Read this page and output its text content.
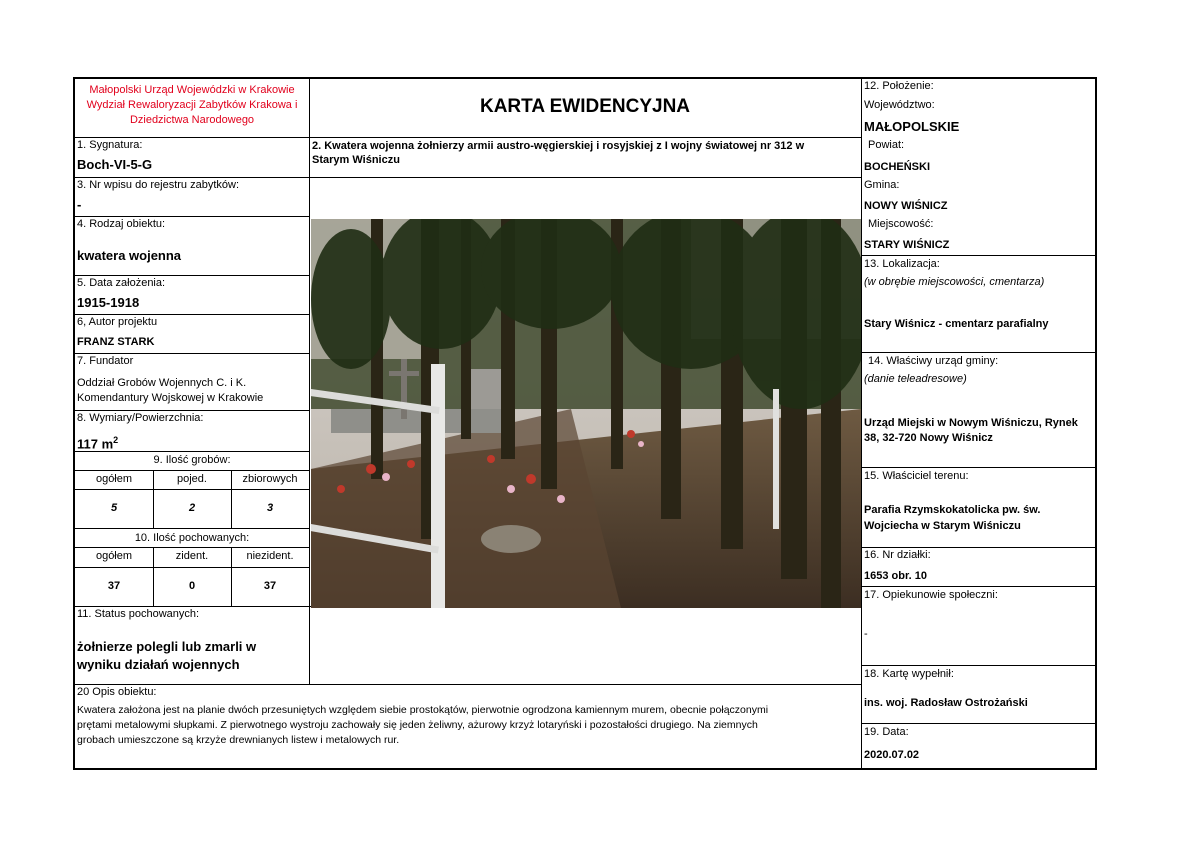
Małopolski Urząd Wojewódzki w Krakowie
Wydział Rewaloryzacji Zabytków Krakowa i
Dziedzictwa Narodowego
KARTA EWIDENCYJNA
1. Sygnatura:
Boch-VI-5-G
3. Nr wpisu do rejestru zabytków:
-
4. Rodzaj obiektu:
kwatera wojenna
5. Data założenia:
1915-1918
6, Autor projektu
FRANZ STARK
7. Fundator
Oddział Grobów Wojennych C. i K.
Komendantury Wojskowej w Krakowie
8. Wymiary/Powierzchnia:
117 $m^2$
9. Ilość grobów:
ogółem	pojed.	zbiorowych
5	2	3
10. Ilość pochowanych:
ogółem	zident.	niezident.
37	0	37
11. Status pochowanych:
żołnierze polegli lub zmarli w
wyniku działań wojennych
2. Kwatera wojenna żołnierzy armii austro-węgierskiej i rosyjskiej z I wojny światowej nr 312 w
Starym Wiśniczu
12. Położenie:
Województwo:
MAŁOPOLSKIE
Powiat:
BOCHEŃSKI
Gmina:
NOWY WIŚNICZ
Miejscowość:
STARY WIŚNICZ
13. Lokalizacja:
(w obrębie miejscowości, cmentarza)
Stary Wiśnicz - cmentarz parafialny
14. Właściwy urząd gminy:
(danie teleadresowe)
Urząd Miejski w Nowym Wiśniczu, Rynek
38, 32-720 Nowy Wiśnicz
15. Właściciel terenu:
Parafia Rzymskokatolicka pw. św.
Wojciecha w Starym Wiśniczu
16. Nr działki:
1653 obr. 10
17. Opiekunowie społeczni:
-
18. Kartę wypełnił:
ins. woj. Radosław Ostrożański
19. Data:
2020.07.02
20 Opis obiektu:
Kwatera założona jest na planie dwóch przesuniętych względem siebie prostokątów, pierwotnie ogrodzona kamiennym murem, obecnie połączonymi
prętami metalowymi słupkami. Z pierwotnego wystroju zachowały się jeden żeliwny, ażurowy krzyż lotaryński i pozostałości drugiego. Na ziemnych
grobach umieszczone są krzyże drewnianych listew i metalowych rur.
